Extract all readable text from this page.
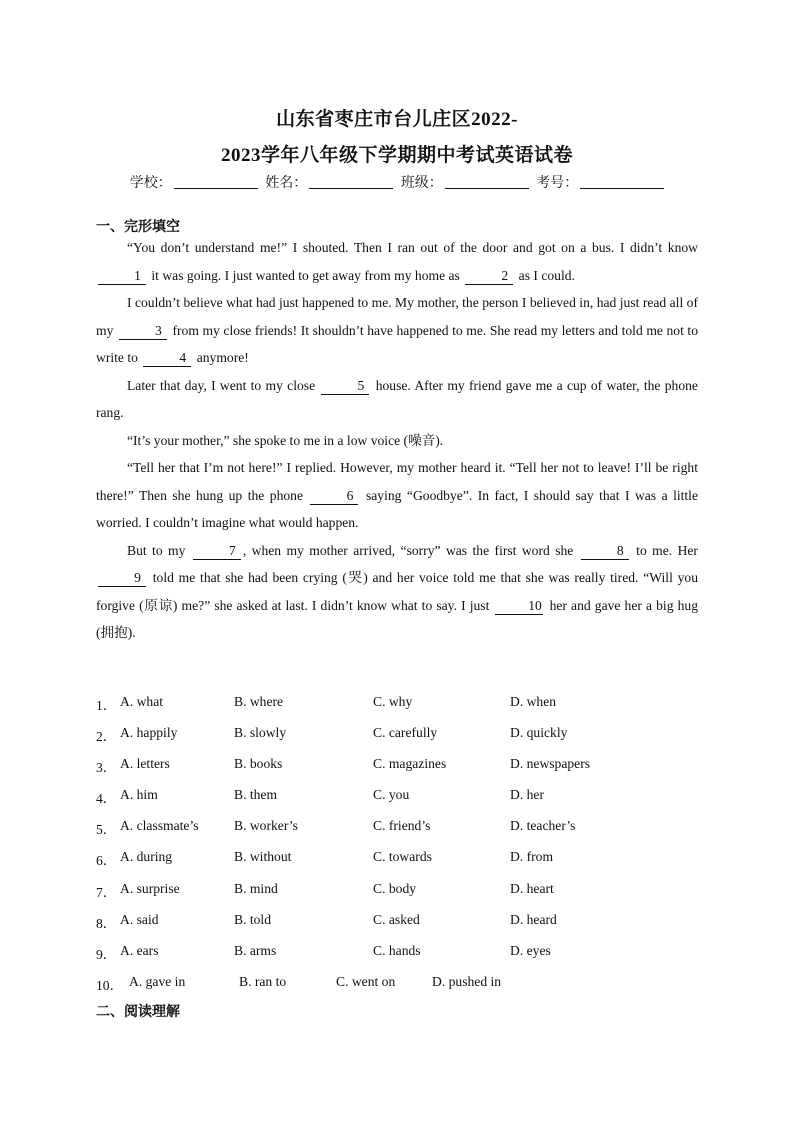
山东省枣庄市台儿庄区2022-
2023学年八年级下学期期中考试英语试卷
学校：	姓名：	班级：	考号：
一、完形填空

“You don’t understand me!” I shouted. Then I ran out of the door and got on a bus. I didn’t know 1 it was going. I just wanted to get away from my home as	2 as I could.

I couldn’t believe what had just happened to me. My mother, the person I believed in, had just read all of my	3 from my close friends! It shouldn’t have happened to me. She read my letters and told me not to write to	4 anymore!

Later that day, I went to my close	5 house. After my friend gave me a cup of water, the phone rang.

“It’s your mother,” she spoke to me in a low voice (噪音).

“Tell her that I’m not here!” I replied. However, my mother heard it. “Tell her not to leave! I’ll be right there!” Then she hung up the phone	6 saying “Goodbye”. In fact, I should say that I was a little worried. I couldn’t imagine what would happen.

But to my	7 , when my mother arrived, “sorry” was the first word she	8 to me. Her 9 told me that she had been crying (哭) and her voice told me that she was really tired. “Will you forgive (原谅) me?” she asked at last. I didn’t know what to say. I just	10 her and gave her a big hug (拥抱).

1． A. what	B. where	C. why	D. when
2． A. happily	B. slowly	C. carefully	D. quickly
3． A. letters	B. books	C. magazines	D. newspapers
4． A. him	B. them	C. you	D. her
5． A. classmate’s	B. worker’s	C. friend’s	D. teacher’s
6． A. during	B. without	C. towards	D. from
7． A. surprise	B. mind	C. body	D. heart
8． A. said	B. told	C. asked	D. heard
9． A. ears	B. arms	C. hands	D. eyes
10． A. gave in	B. ran to	C. went on	D. pushed in
二、阅读理解
